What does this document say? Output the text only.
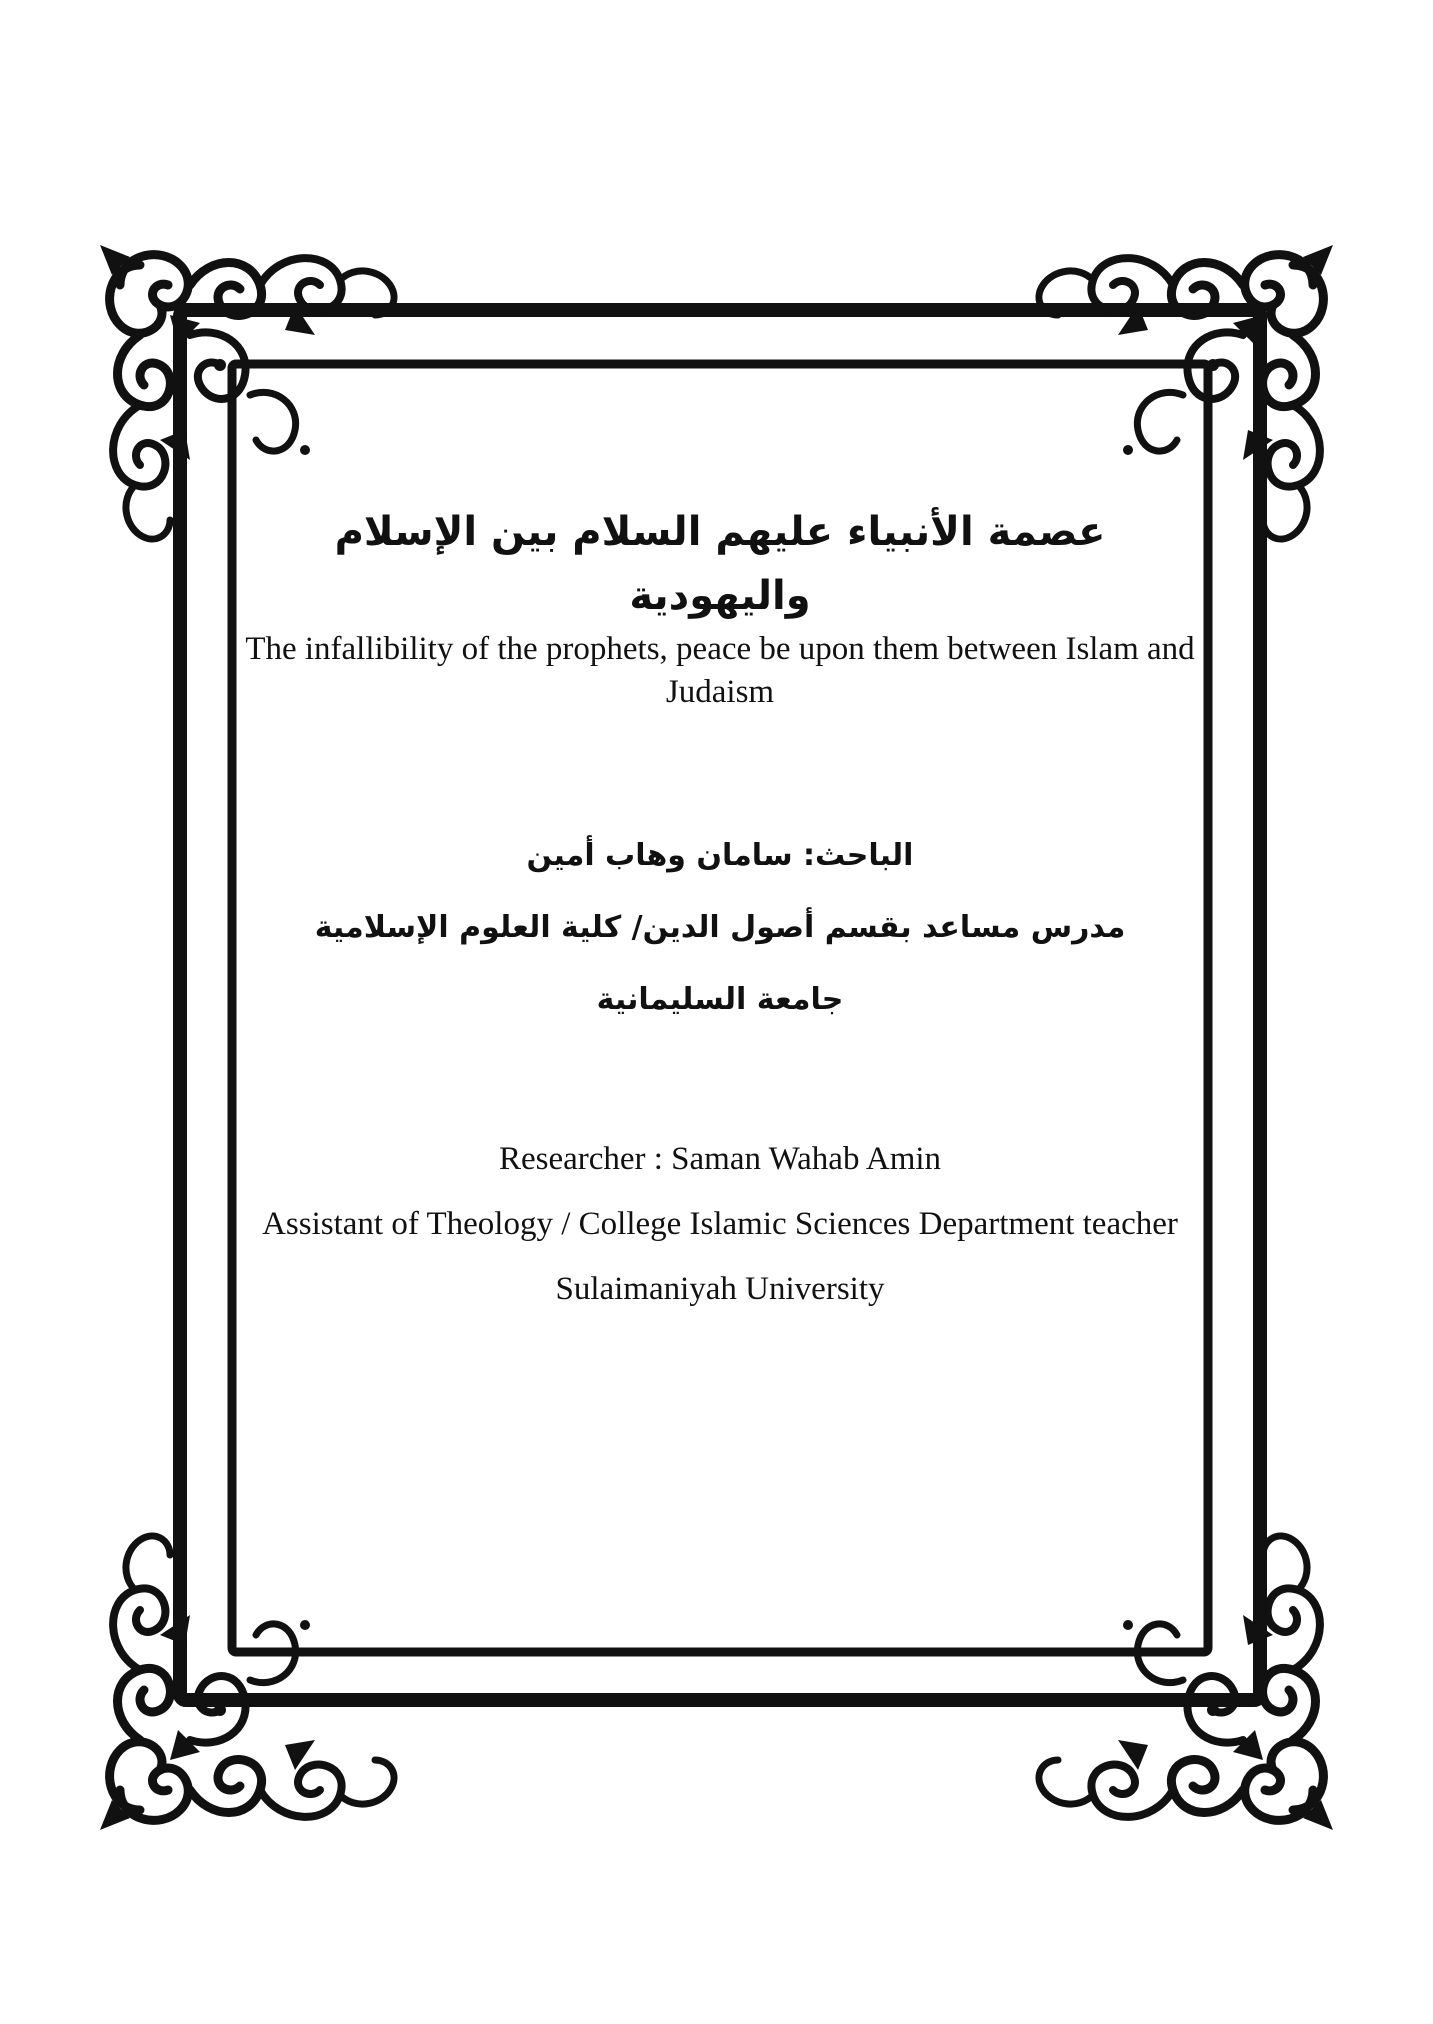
عصمة الأنبياء عليهم السلام بين الإسلام واليهودية

The infallibility of the prophets, peace be upon them between Islam and Judaism

الباحث: سامان وهاب أمين

مدرس مساعد بقسم أصول الدين/ كلية العلوم الإسلامية

جامعة السليمانية

Researcher : Saman Wahab Amin

Assistant of Theology / College Islamic Sciences Department teacher

Sulaimaniyah University
